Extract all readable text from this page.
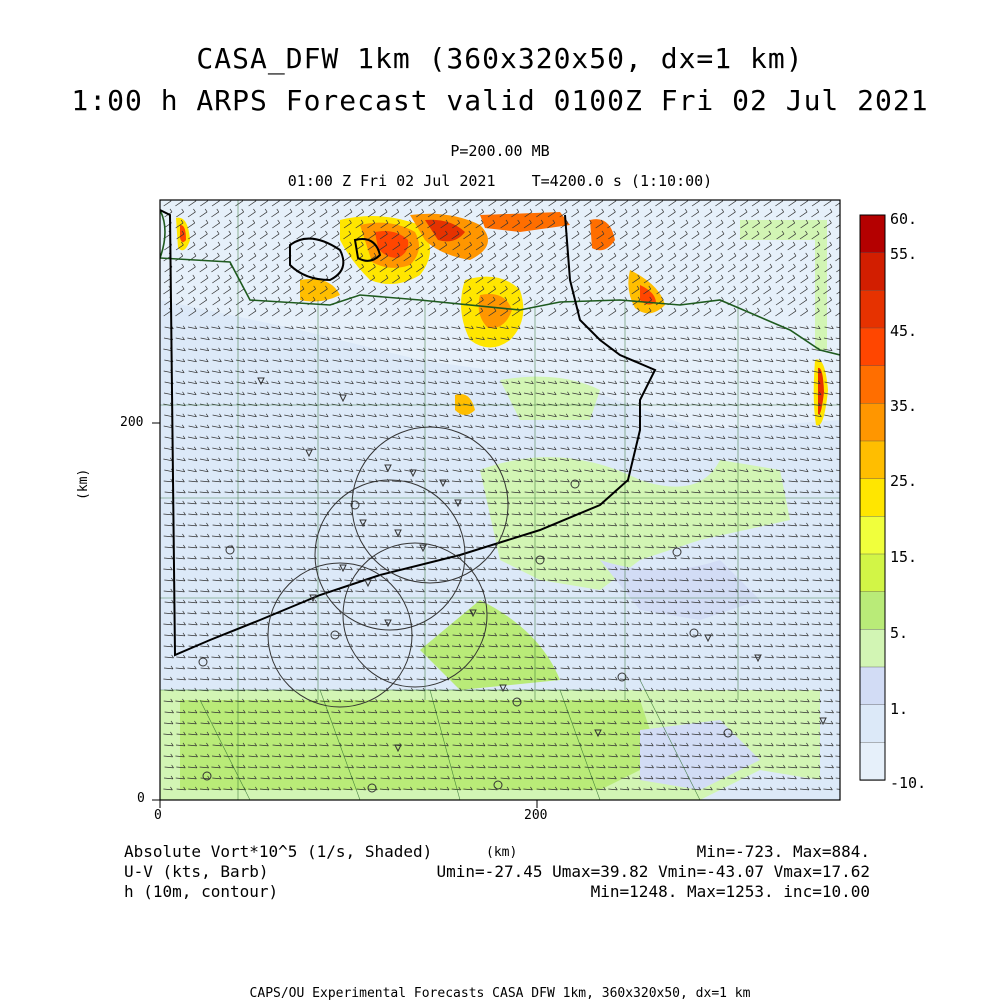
CASA_DFW 1km (360x320x50, dx=1 km)
1:00 h ARPS Forecast valid 0100Z Fri 02 Jul 2021
P=200.00 MB
01:00 Z Fri 02 Jul 2021    T=4200.0 s (1:10:00)
0
200
0	200
(km)
60.
55.
45.
35.
25.
15.
5.
1.
-10.
Absolute Vort*10^5 (1/s, Shaded)
U-V (kts, Barb)
h (10m, contour)
(km)	Min=-723. Max=884.
Umin=-27.45 Umax=39.82 Vmin=-43.07 Vmax=17.62
Min=1248. Max=1253. inc=10.00
CAPS/OU Experimental Forecasts CASA DFW 1km, 360x320x50, dx=1 km
